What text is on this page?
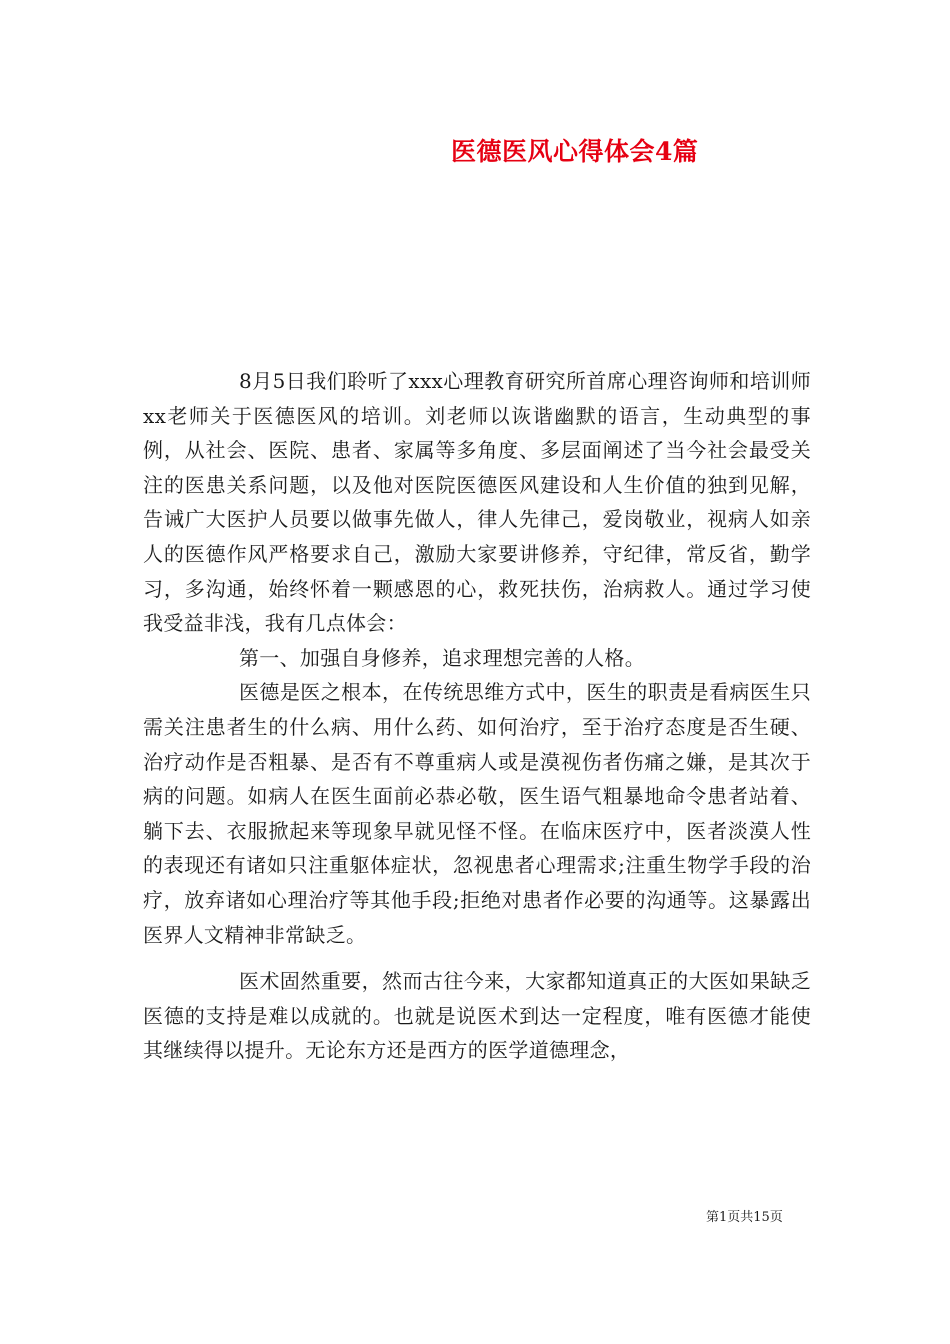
医德医风心得体会4篇

8月5日我们聆听了xxx心理教育研究所首席心理咨询师和培训师xx老师关于医德医风的培训。刘老师以诙谐幽默的语言，生动典型的事例，从社会、医院、患者、家属等多角度、多层面阐述了当今社会最受关注的医患关系问题，以及他对医院医德医风建设和人生价值的独到见解，告诫广大医护人员要以做事先做人，律人先律己，爱岗敬业，视病人如亲人的医德作风严格要求自己，激励大家要讲修养，守纪律，常反省，勤学习，多沟通，始终怀着一颗感恩的心，救死扶伤，治病救人。通过学习使我受益非浅，我有几点体会：

第一、加强自身修养，追求理想完善的人格。

医德是医之根本，在传统思维方式中，医生的职责是看病医生只需关注患者生的什么病、用什么药、如何治疗，至于治疗态度是否生硬、治疗动作是否粗暴、是否有不尊重病人或是漠视伤者伤痛之嫌，是其次于病的问题。如病人在医生面前必恭必敬，医生语气粗暴地命令患者站着、躺下去、衣服掀起来等现象早就见怪不怪。在临床医疗中，医者淡漠人性的表现还有诸如只注重躯体症状，忽视患者心理需求;注重生物学手段的治疗，放弃诸如心理治疗等其他手段;拒绝对患者作必要的沟通等。这暴露出医界人文精神非常缺乏。

医术固然重要，然而古往今来，大家都知道真正的大医如果缺乏医德的支持是难以成就的。也就是说医术到达一定程度，唯有医德才能使其继续得以提升。无论东方还是西方的医学道德理念，

第1页共15页
